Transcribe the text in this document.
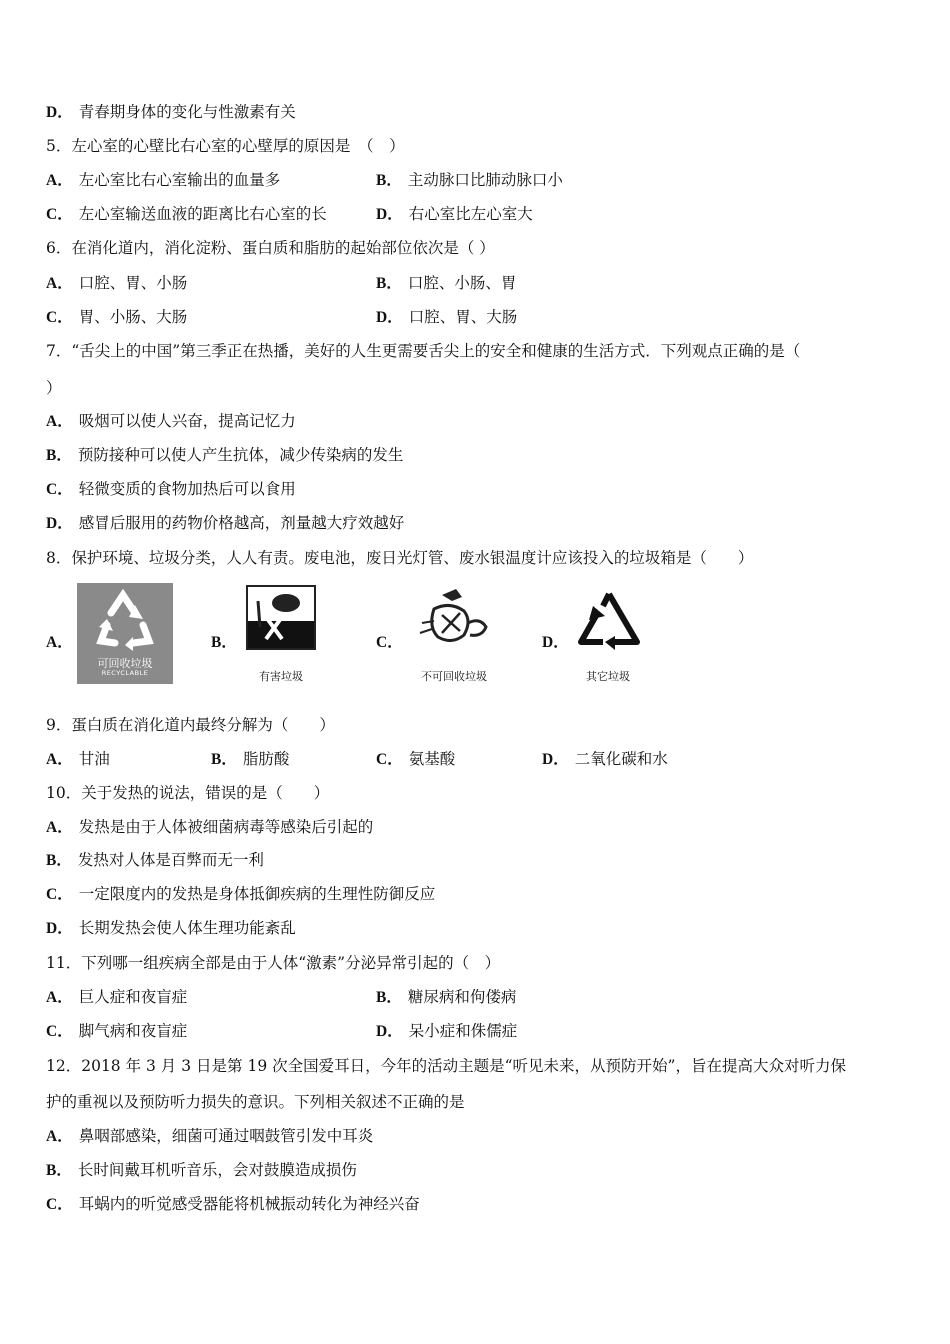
D． 青春期身体的变化与性激素有关
5．左心室的心壁比右心室的心壁厚的原因是　（　）
A． 左心室比右心室输出的血量多	B． 主动脉口比肺动脉口小
C． 左心室输送血液的距离比右心室的长	D． 右心室比左心室大
6．在消化道内，消化淀粉、蛋白质和脂肪的起始部位依次是（ ）
A． 口腔、胃、小肠	B． 口腔、小肠、胃
C． 胃、小肠、大肠	D． 口腔、胃、大肠
7．“舌尖上的中国”第三季正在热播，美好的人生更需要舌尖上的安全和健康的生活方式．下列观点正确的是（
）
A． 吸烟可以使人兴奋，提高记忆力
B． 预防接种可以使人产生抗体，减少传染病的发生
C． 轻微变质的食物加热后可以食用
D． 感冒后服用的药物价格越高，剂量越大疗效越好
8．保护环境、垃圾分类，人人有责。废电池，废日光灯管、废水银温度计应该投入的垃圾箱是（　　）
A．
可回收垃圾
RECYCLABLE
B．
有害垃圾
C．
不可回收垃圾
D．
其它垃圾
9．蛋白质在消化道内最终分解为（　　）
A． 甘油	B． 脂肪酸	C． 氨基酸	D． 二氧化碳和水
10．关于发热的说法，错误的是（　　）
A． 发热是由于人体被细菌病毒等感染后引起的
B． 发热对人体是百弊而无一利
C． 一定限度内的发热是身体抵御疾病的生理性防御反应
D． 长期发热会使人体生理功能紊乱
11．下列哪一组疾病全部是由于人体“激素”分泌异常引起的（　）
A． 巨人症和夜盲症	B． 糖尿病和佝偻病
C． 脚气病和夜盲症	D． 呆小症和侏儒症
12．2018 年 3 月 3 日是第 19 次全国爱耳日，今年的活动主题是“听见未来，从预防开始”，旨在提高大众对听力保
护的重视以及预防听力损失的意识。下列相关叙述不正确的是
A． 鼻咽部感染，细菌可通过咽鼓管引发中耳炎
B． 长时间戴耳机听音乐，会对鼓膜造成损伤
C． 耳蜗内的听觉感受器能将机械振动转化为神经兴奋
